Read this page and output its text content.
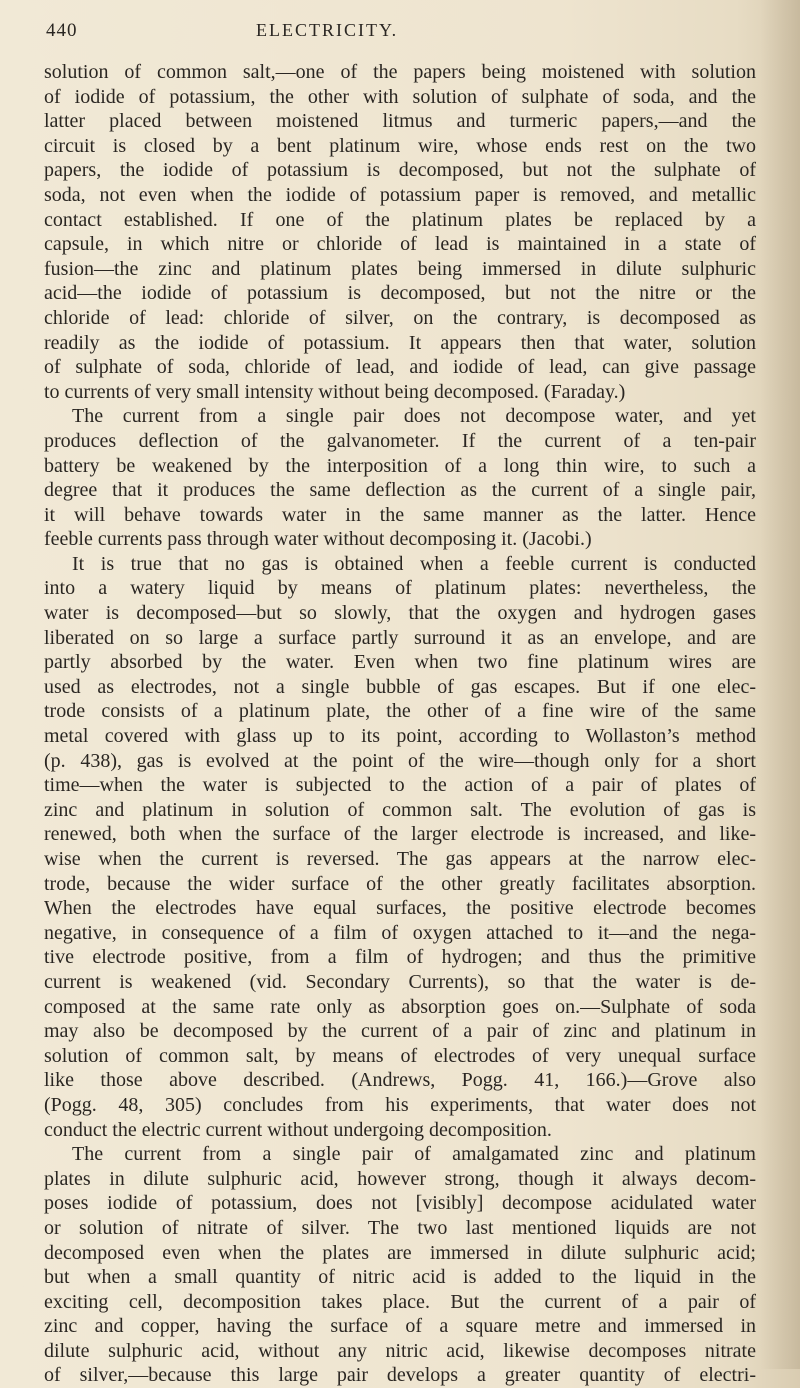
440	ELECTRICITY.
solution of common salt,—one of the papers being moistened with solution
of iodide of potassium, the other with solution of sulphate of soda, and the
latter placed between moistened litmus and turmeric papers,—and the
circuit is closed by a bent platinum wire, whose ends rest on the two
papers, the iodide of potassium is decomposed, but not the sulphate of
soda, not even when the iodide of potassium paper is removed, and metallic
contact established. If one of the platinum plates be replaced by a
capsule, in which nitre or chloride of lead is maintained in a state of
fusion—the zinc and platinum plates being immersed in dilute sulphuric
acid—the iodide of potassium is decomposed, but not the nitre or the
chloride of lead: chloride of silver, on the contrary, is decomposed as
readily as the iodide of potassium. It appears then that water, solution
of sulphate of soda, chloride of lead, and iodide of lead, can give passage
to currents of very small intensity without being decomposed. (Faraday.)
The current from a single pair does not decompose water, and yet
produces deflection of the galvanometer. If the current of a ten-pair
battery be weakened by the interposition of a long thin wire, to such a
degree that it produces the same deflection as the current of a single pair,
it will behave towards water in the same manner as the latter. Hence
feeble currents pass through water without decomposing it. (Jacobi.)
It is true that no gas is obtained when a feeble current is conducted
into a watery liquid by means of platinum plates: nevertheless, the
water is decomposed—but so slowly, that the oxygen and hydrogen gases
liberated on so large a surface partly surround it as an envelope, and are
partly absorbed by the water. Even when two fine platinum wires are
used as electrodes, not a single bubble of gas escapes. But if one elec-
trode consists of a platinum plate, the other of a fine wire of the same
metal covered with glass up to its point, according to Wollaston’s method
(p. 438), gas is evolved at the point of the wire—though only for a short
time—when the water is subjected to the action of a pair of plates of
zinc and platinum in solution of common salt. The evolution of gas is
renewed, both when the surface of the larger electrode is increased, and like-
wise when the current is reversed. The gas appears at the narrow elec-
trode, because the wider surface of the other greatly facilitates absorption.
When the electrodes have equal surfaces, the positive electrode becomes
negative, in consequence of a film of oxygen attached to it—and the nega-
tive electrode positive, from a film of hydrogen; and thus the primitive
current is weakened (vid. Secondary Currents), so that the water is de-
composed at the same rate only as absorption goes on.—Sulphate of soda
may also be decomposed by the current of a pair of zinc and platinum in
solution of common salt, by means of electrodes of very unequal surface
like those above described. (Andrews, Pogg. 41, 166.)—Grove also
(Pogg. 48, 305) concludes from his experiments, that water does not
conduct the electric current without undergoing decomposition.
The current from a single pair of amalgamated zinc and platinum
plates in dilute sulphuric acid, however strong, though it always decom-
poses iodide of potassium, does not [visibly] decompose acidulated water
or solution of nitrate of silver. The two last mentioned liquids are not
decomposed even when the plates are immersed in dilute sulphuric acid;
but when a small quantity of nitric acid is added to the liquid in the
exciting cell, decomposition takes place. But the current of a pair of
zinc and copper, having the surface of a square metre and immersed in
dilute sulphuric acid, without any nitric acid, likewise decomposes nitrate
of silver,—because this large pair develops a greater quantity of electri-
